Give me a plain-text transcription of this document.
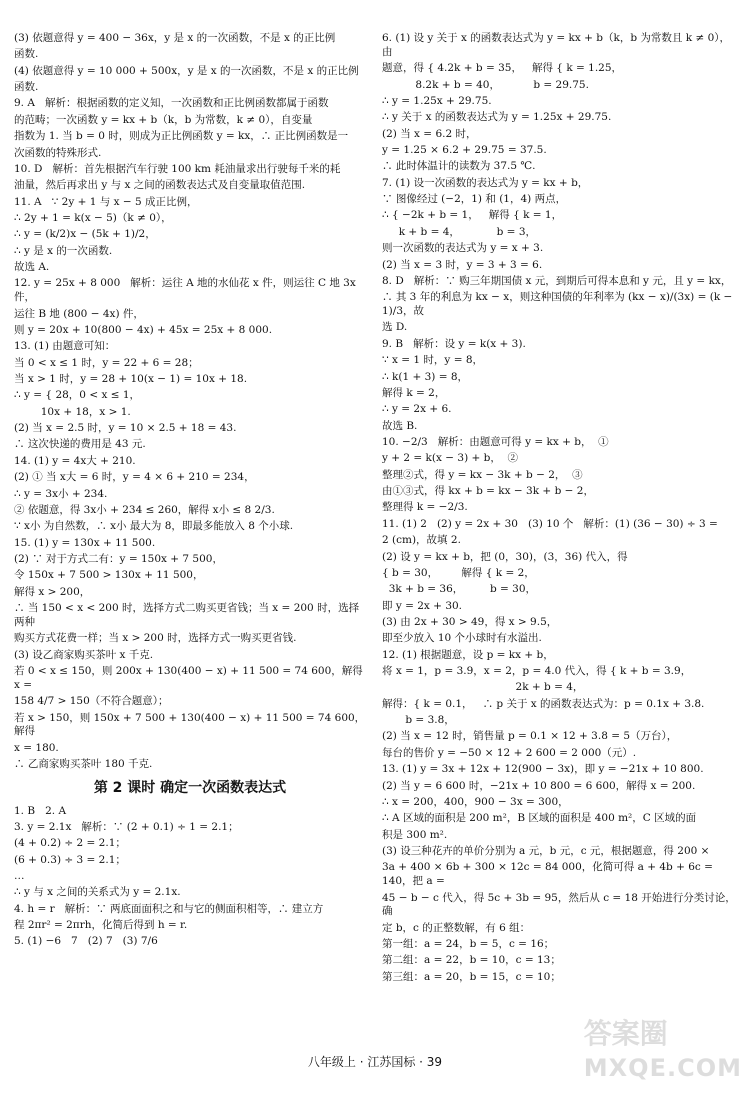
(3) 依题意得 y = 400 − 36x，y 是 x 的一次函数，不是 x 的正比例
函数.
(4) 依题意得 y = 10 000 + 500x，y 是 x 的一次函数，不是 x 的正比例
函数.
9. A   解析：根据函数的定义知，一次函数和正比例函数都属于函数
的范畴；一次函数 y = kx + b（k，b 为常数，k ≠ 0），自变量
指数为 1. 当 b = 0 时，则成为正比例函数 y = kx，∴ 正比例函数是一
次函数的特殊形式.
10. D   解析：首先根据汽车行驶 100 km 耗油量求出行驶每千米的耗
油量，然后再求出 y 与 x 之间的函数表达式及自变量取值范围.
11. A   ∵ 2y + 1 与 x − 5 成正比例，
∴ 2y + 1 = k(x − 5)（k ≠ 0），
∴ y = (k/2)x − (5k + 1)/2，
∴ y 是 x 的一次函数.
故选 A.
12. y = 25x + 8 000   解析：运往 A 地的水仙花 x 件，则运往 C 地 3x 件，
运往 B 地 (800 − 4x) 件，
则 y = 20x + 10(800 − 4x) + 45x = 25x + 8 000.
13. (1) 由题意可知：
当 0 < x ≤ 1 时，y = 22 + 6 = 28；
当 x > 1 时，y = 28 + 10(x − 1) = 10x + 18.
∴ y = { 28，0 < x ≤ 1，
10x + 18，x > 1.
(2) 当 x = 2.5 时，y = 10 × 2.5 + 18 = 43.
∴ 这次快递的费用是 43 元.
14. (1) y = 4x大 + 210.
(2) ① 当 x大 = 6 时，y = 4 × 6 + 210 = 234，
∴ y = 3x小 + 234.
② 依题意，得 3x小 + 234 ≤ 260，解得 x小 ≤ 8 2/3.
∵ x小 为自然数，∴ x小 最大为 8，即最多能放入 8 个小球.
15. (1) y = 130x + 11 500.
(2) ∵ 对于方式二有：y = 150x + 7 500，
令 150x + 7 500 > 130x + 11 500，
解得 x > 200，
∴ 当 150 < x < 200 时，选择方式二购买更省钱；当 x = 200 时，选择两种
购买方式花费一样；当 x > 200 时，选择方式一购买更省钱.
(3) 设乙商家购买茶叶 x 千克.
若 0 < x ≤ 150，则 200x + 130(400 − x) + 11 500 = 74 600，解得 x =
158 4/7 > 150（不符合题意）；
若 x > 150，则 150x + 7 500 + 130(400 − x) + 11 500 = 74 600，解得
x = 180.
∴ 乙商家购买茶叶 180 千克.
第 2 课时 确定一次函数表达式
1. B   2. A
3. y = 2.1x   解析：∵ (2 + 0.1) ÷ 1 = 2.1；
(4 + 0.2) ÷ 2 = 2.1；
(6 + 0.3) ÷ 3 = 2.1；
…
∴ y 与 x 之间的关系式为 y = 2.1x.
4. h = r   解析：∵ 两底面面积之和与它的侧面积相等，∴ 建立方
程 2πr² = 2πrh，化简后得到 h = r.
5. (1) −6   7   (2) 7   (3) 7/6
6. (1) 设 y 关于 x 的函数表达式为 y = kx + b（k，b 为常数且 k ≠ 0），由
题意，得 { 4.2k + b = 35，   解得 { k = 1.25，
8.2k + b = 40，          b = 29.75.
∴ y = 1.25x + 29.75.
∴ y 关于 x 的函数表达式为 y = 1.25x + 29.75.
(2) 当 x = 6.2 时，
y = 1.25 × 6.2 + 29.75 = 37.5.
∴ 此时体温计的读数为 37.5 ℃.
7. (1) 设一次函数的表达式为 y = kx + b，
∵ 图像经过 (−2，1) 和 (1，4) 两点，
∴ { −2k + b = 1，   解得 { k = 1，
k + b = 4，           b = 3，
则一次函数的表达式为 y = x + 3.
(2) 当 x = 3 时，y = 3 + 3 = 6.
8. D   解析：∵ 购三年期国债 x 元，到期后可得本息和 y 元，且 y = kx，
∴ 其 3 年的利息为 kx − x，则这种国债的年利率为 (kx − x)/(3x) = (k − 1)/3，故
选 D.
9. B   解析：设 y = k(x + 3).
∵ x = 1 时，y = 8，
∴ k(1 + 3) = 8，
解得 k = 2，
∴ y = 2x + 6.
故选 B.
10. −2/3   解析：由题意可得 y = kx + b，  ①
y + 2 = k(x − 3) + b，  ②
整理②式，得 y = kx − 3k + b − 2，  ③
由①③式，得 kx + b = kx − 3k + b − 2，
整理得 k = −2/3.
11. (1) 2   (2) y = 2x + 30   (3) 10 个   解析：(1) (36 − 30) ÷ 3 =
2 (cm)，故填 2.
(2) 设 y = kx + b，把 (0，30)，(3，36) 代入，得
{ b = 30，       解得 { k = 2，
3k + b = 36，        b = 30，
即 y = 2x + 30.
(3) 由 2x + 30 > 49，得 x > 9.5，
即至少放入 10 个小球时有水溢出.
12. (1) 根据题意，设 p = kx + b，
将 x = 1，p = 3.9，x = 2，p = 4.0 代入，得 { k + b = 3.9，
2k + b = 4，
解得：{ k = 0.1，   ∴ p 关于 x 的函数表达式为：p = 0.1x + 3.8.
b = 3.8，
(2) 当 x = 12 时，销售量 p = 0.1 × 12 + 3.8 = 5（万台），
每台的售价 y = −50 × 12 + 2 600 = 2 000（元）.
13. (1) y = 3x + 12x + 12(900 − 3x)，即 y = −21x + 10 800.
(2) 当 y = 6 600 时，−21x + 10 800 = 6 600，解得 x = 200.
∴ x = 200，400，900 − 3x = 300，
∴ A 区域的面积是 200 m²，B 区域的面积是 400 m²，C 区域的面
积是 300 m².
(3) 设三种花卉的单价分别为 a 元，b 元，c 元，根据题意，得 200 ×
3a + 400 × 6b + 300 × 12c = 84 000，化简可得 a + 4b + 6c = 140，把 a =
45 − b − c 代入，得 5c + 3b = 95，然后从 c = 18 开始进行分类讨论，确
定 b，c 的正整数解，有 6 组：
第一组：a = 24，b = 5，c = 16；
第二组：a = 22，b = 10，c = 13；
第三组：a = 20，b = 15，c = 10；
八年级上 · 江苏国标 · 39
答案圈
MXQE.COM
